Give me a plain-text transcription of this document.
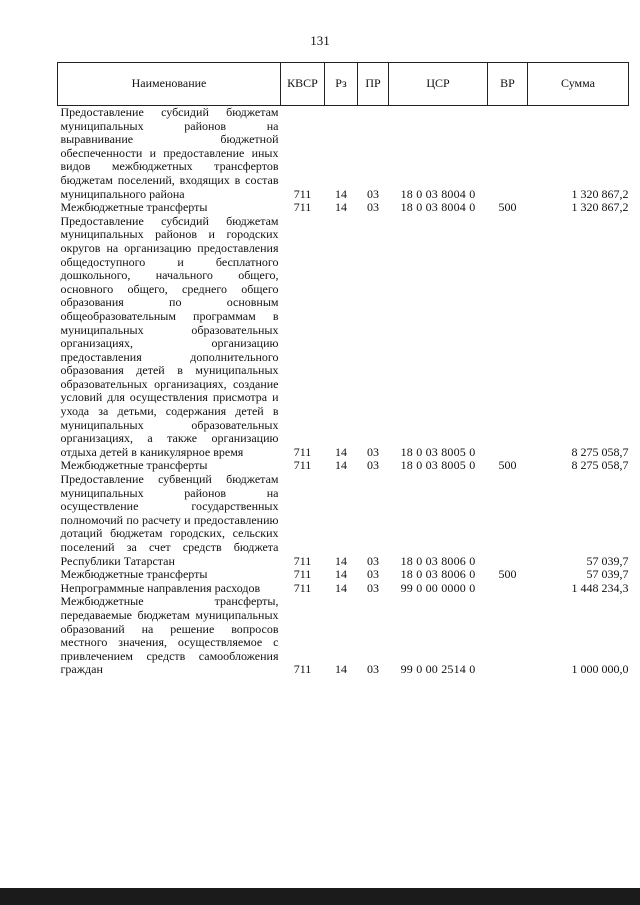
131
Наименование	КВСР	Рз	ПР	ЦСР	ВР	Сумма
Предоставление субсидий бюджетам муниципальных районов на выравнивание бюджетной обеспеченности и предоставление иных видов межбюджетных трансфертов бюджетам поселений, входящих в состав муниципального района	711	14	03	18 0 03 8004 0		1 320 867,2
Межбюджетные трансферты	711	14	03	18 0 03 8004 0	500	1 320 867,2
Предоставление субсидий бюджетам муниципальных районов и городских округов на организацию предоставления общедоступного и бесплатного дошкольного, начального общего, основного общего, среднего общего образования по основным общеобразовательным программам в муниципальных образовательных организациях, организацию предоставления дополнительного образования детей в муниципальных образовательных организациях, создание условий для осуществления присмотра и ухода за детьми, содержания детей в муниципальных образовательных организациях, а также организацию отдыха детей в каникулярное время	711	14	03	18 0 03 8005 0		8 275 058,7
Межбюджетные трансферты	711	14	03	18 0 03 8005 0	500	8 275 058,7
Предоставление субвенций бюджетам муниципальных районов на осуществление государственных полномочий по расчету и предоставлению дотаций бюджетам городских, сельских поселений за счет средств бюджета Республики Татарстан	711	14	03	18 0 03 8006 0		57 039,7
Межбюджетные трансферты	711	14	03	18 0 03 8006 0	500	57 039,7
Непрограммные направления расходов	711	14	03	99 0 00 0000 0		1 448 234,3
Межбюджетные трансферты, передаваемые бюджетам муниципальных образований на решение вопросов местного значения, осуществляемое с привлечением средств самообложения граждан	711	14	03	99 0 00 2514 0		1 000 000,0
